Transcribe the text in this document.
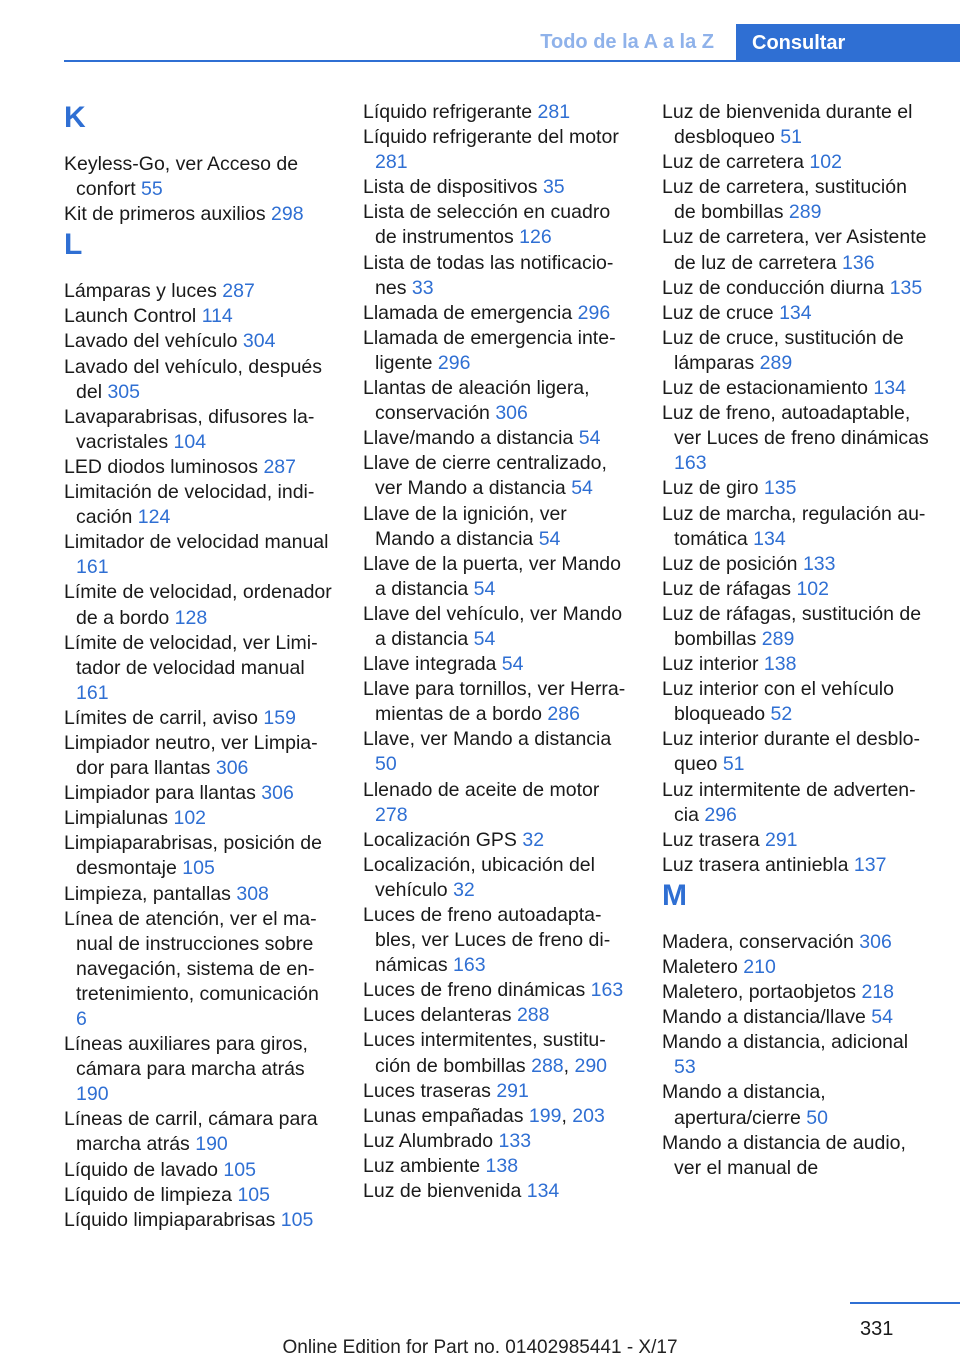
Todo de la A a la Z	Consultar
K
Keyless-Go, ver Acceso de confort 55
Kit de primeros auxilios 298
L
Lámparas y luces 287
Launch Control 114
Lavado del vehículo 304
Lavado del vehículo, después del 305
Lavaparabrisas, difusores lavacristales 104
LED diodos luminosos 287
Limitación de velocidad, indicación 124
Limitador de velocidad manual 161
Límite de velocidad, ordenador de a bordo 128
Límite de velocidad, ver Limitador de velocidad manual 161
Límites de carril, aviso 159
Limpiador neutro, ver Limpiador para llantas 306
Limpiador para llantas 306
Limpialunas 102
Limpiaparabrisas, posición de desmontaje 105
Limpieza, pantallas 308
Línea de atención, ver el manual de instrucciones sobre navegación, sistema de entretenimiento, comunicación 6
Líneas auxiliares para giros, cámara para marcha atrás 190
Líneas de carril, cámara para marcha atrás 190
Líquido de lavado 105
Líquido de limpieza 105
Líquido limpiaparabrisas 105
Líquido refrigerante 281
Líquido refrigerante del motor 281
Lista de dispositivos 35
Lista de selección en cuadro de instrumentos 126
Lista de todas las notificaciones 33
Llamada de emergencia 296
Llamada de emergencia inteligente 296
Llantas de aleación ligera, conservación 306
Llave/mando a distancia 54
Llave de cierre centralizado, ver Mando a distancia 54
Llave de la ignición, ver Mando a distancia 54
Llave de la puerta, ver Mando a distancia 54
Llave del vehículo, ver Mando a distancia 54
Llave integrada 54
Llave para tornillos, ver Herramientas de a bordo 286
Llave, ver Mando a distancia 50
Llenado de aceite de motor 278
Localización GPS 32
Localización, ubicación del vehículo 32
Luces de freno autoadaptables, ver Luces de freno dinámicas 163
Luces de freno dinámicas 163
Luces delanteras 288
Luces intermitentes, sustitución de bombillas 288, 290
Luces traseras 291
Lunas empañadas 199, 203
Luz Alumbrado 133
Luz ambiente 138
Luz de bienvenida 134
Luz de bienvenida durante el desbloqueo 51
Luz de carretera 102
Luz de carretera, sustitución de bombillas 289
Luz de carretera, ver Asistente de luz de carretera 136
Luz de conducción diurna 135
Luz de cruce 134
Luz de cruce, sustitución de lámparas 289
Luz de estacionamiento 134
Luz de freno, autoadaptable, ver Luces de freno dinámicas 163
Luz de giro 135
Luz de marcha, regulación automática 134
Luz de posición 133
Luz de ráfagas 102
Luz de ráfagas, sustitución de bombillas 289
Luz interior 138
Luz interior con el vehículo bloqueado 52
Luz interior durante el desbloqueo 51
Luz intermitente de advertencia 296
Luz trasera 291
Luz trasera antiniebla 137
M
Madera, conservación 306
Maletero 210
Maletero, portaobjetos 218
Mando a distancia/llave 54
Mando a distancia, adicional 53
Mando a distancia, apertura/cierre 50
Mando a distancia de audio, ver el manual de
331
Online Edition for Part no. 01402985441 - X/17
